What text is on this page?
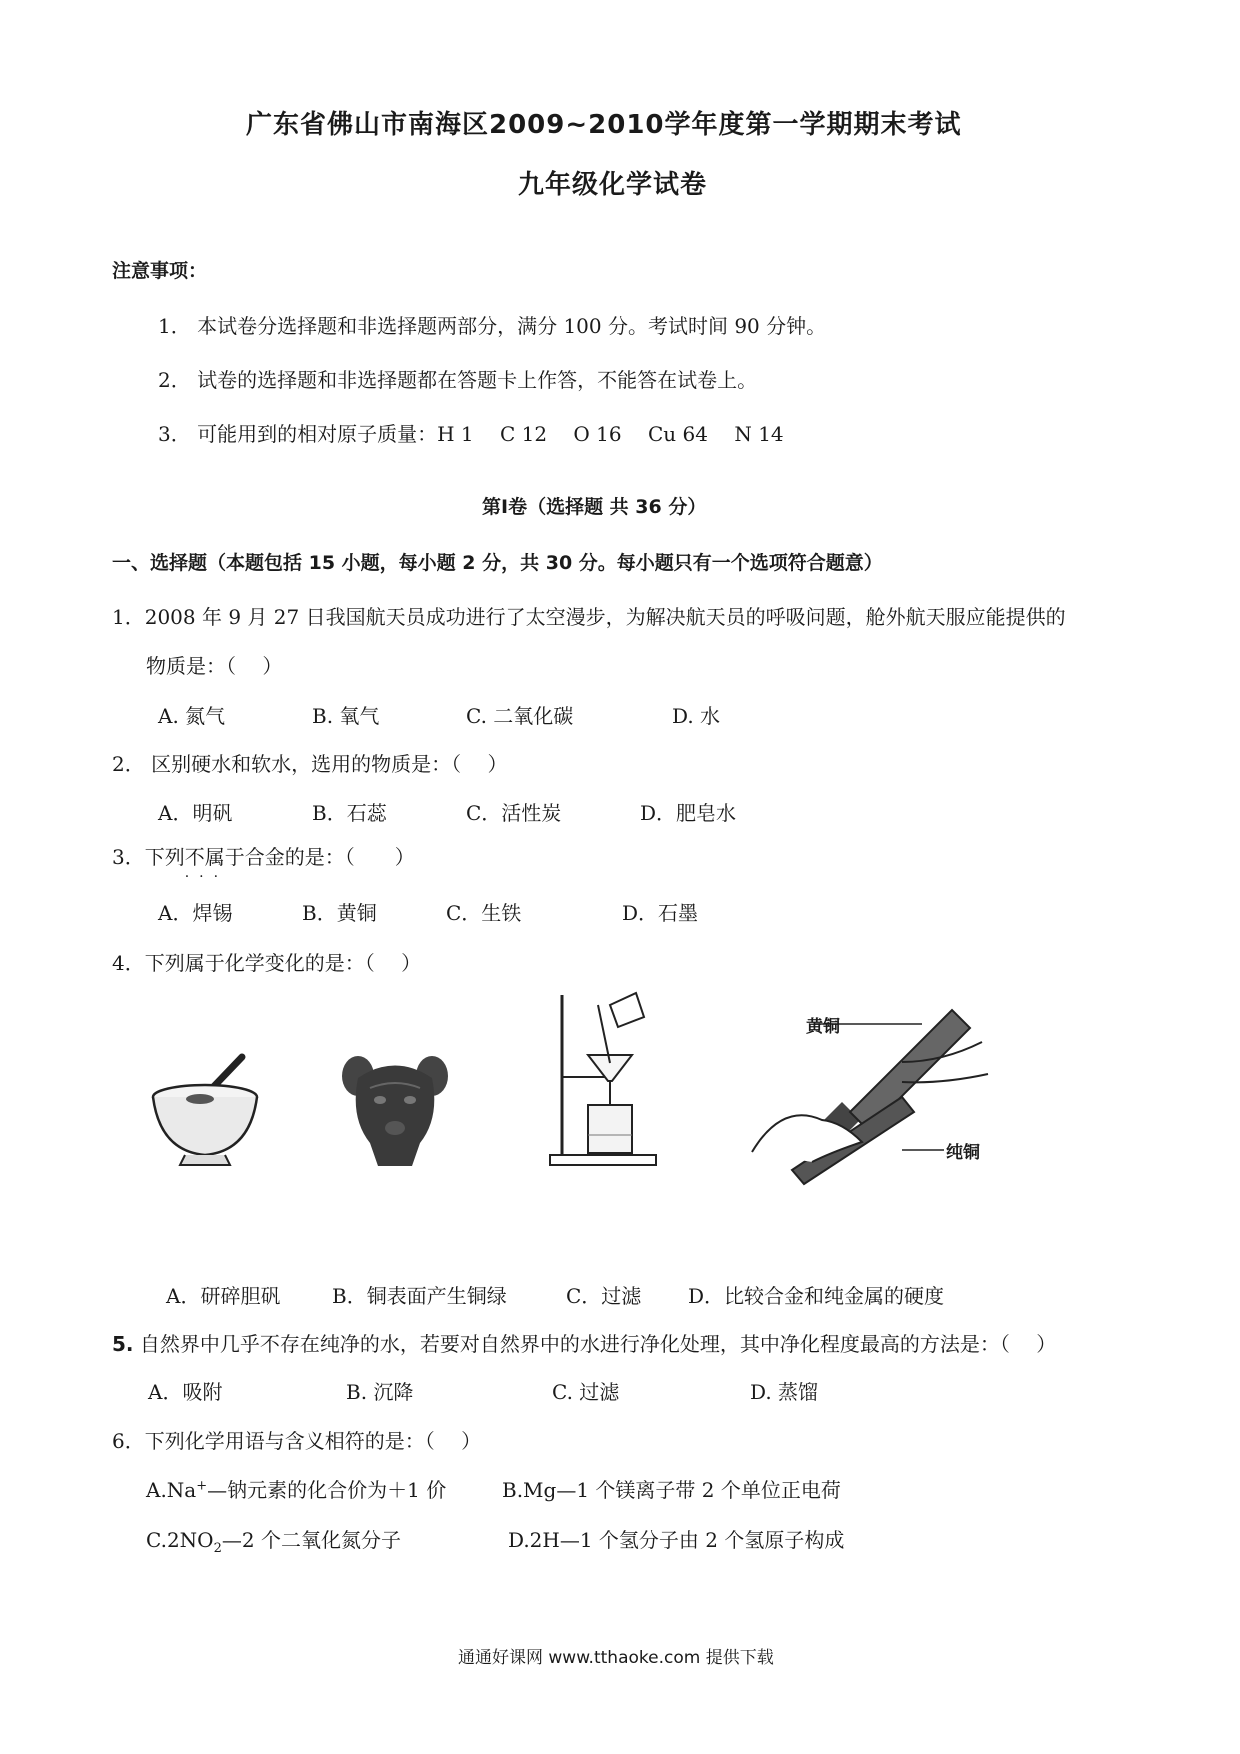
广东省佛山市南海区2009~2010学年度第一学期期末考试
九年级化学试卷
注意事项：
1． 本试卷分选择题和非选择题两部分，满分 100 分。考试时间 90 分钟。
2． 试卷的选择题和非选择题都在答题卡上作答，不能答在试卷上。
3． 可能用到的相对原子质量：H 1　 C 12　 O 16　 Cu 64　 N 14
第Ⅰ卷（选择题 共 36 分）
一、选择题（本题包括 15 小题，每小题 2 分，共 30 分。每小题只有一个选项符合题意）
1．2008 年 9 月 27 日我国航天员成功进行了太空漫步，为解决航天员的呼吸问题，舱外航天服应能提供的
物质是：（　 ）
A. 氮气	B. 氧气	C. 二氧化碳	D. 水
2． 区别硬水和软水，选用的物质是：（　 ）
A．明矾	B．石蕊	C．活性炭	D．肥皂水
3．下列不属于
···
合金的是：（　　）
A．焊锡	B．黄铜	C．生铁	D．石墨
4．下列属于化学变化的是：（　 ）
黄铜
纯铜
A．研碎胆矾	B．铜表面产生铜绿	C．过滤 D．比较合金和纯金属的硬度
5. 自然界中几乎不存在纯净的水，若要对自然界中的水进行净化处理，其中净化程度最高的方法是：（　 ）
A．吸附	B. 沉降	C. 过滤	D. 蒸馏
6．下列化学用语与含义相符的是：（　 ）
A.Na+—钠元素的化合价为＋1 价	B.Mg—1 个镁离子带 2 个单位正电荷
$C.2NO_2—2$ 个二氧化氮分子	D.2H—1 个氢分子由 2 个氢原子构成
通通好课网 www.tthaoke.com 提供下载
